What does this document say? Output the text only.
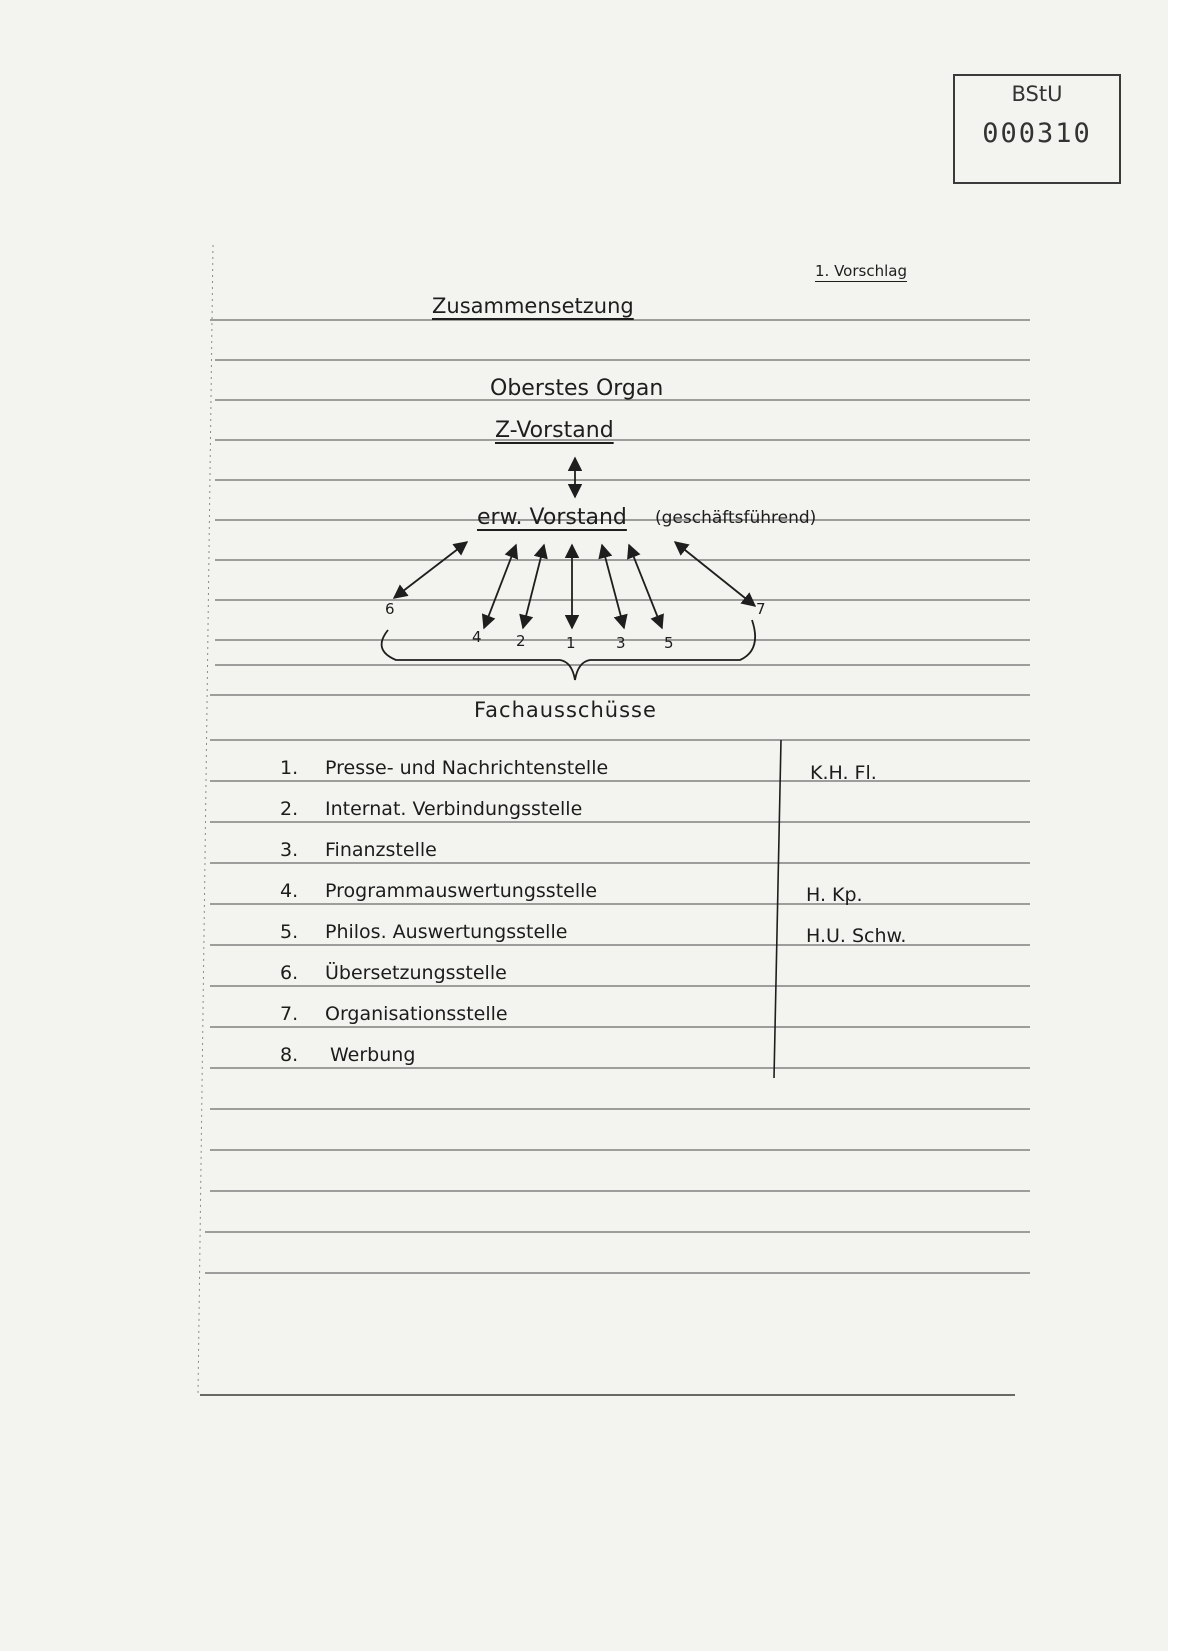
BStU
000310
1. Vorschlag
Zusammensetzung
Oberstes Organ
Z-Vorstand
erw. Vorstand (geschäftsführend)
6
4 2	1	3	5
7
Fachausschüsse
1.	Presse- und Nachrichtenstelle	K.H. Fl.
2.	Internat. Verbindungsstelle
3.	Finanzstelle
4.	Programmauswertungsstelle	H. Kp.
5.	Philos. Auswertungsstelle	H.U. Schw.
6.	Übersetzungsstelle
7.	Organisationsstelle
8.	Werbung
